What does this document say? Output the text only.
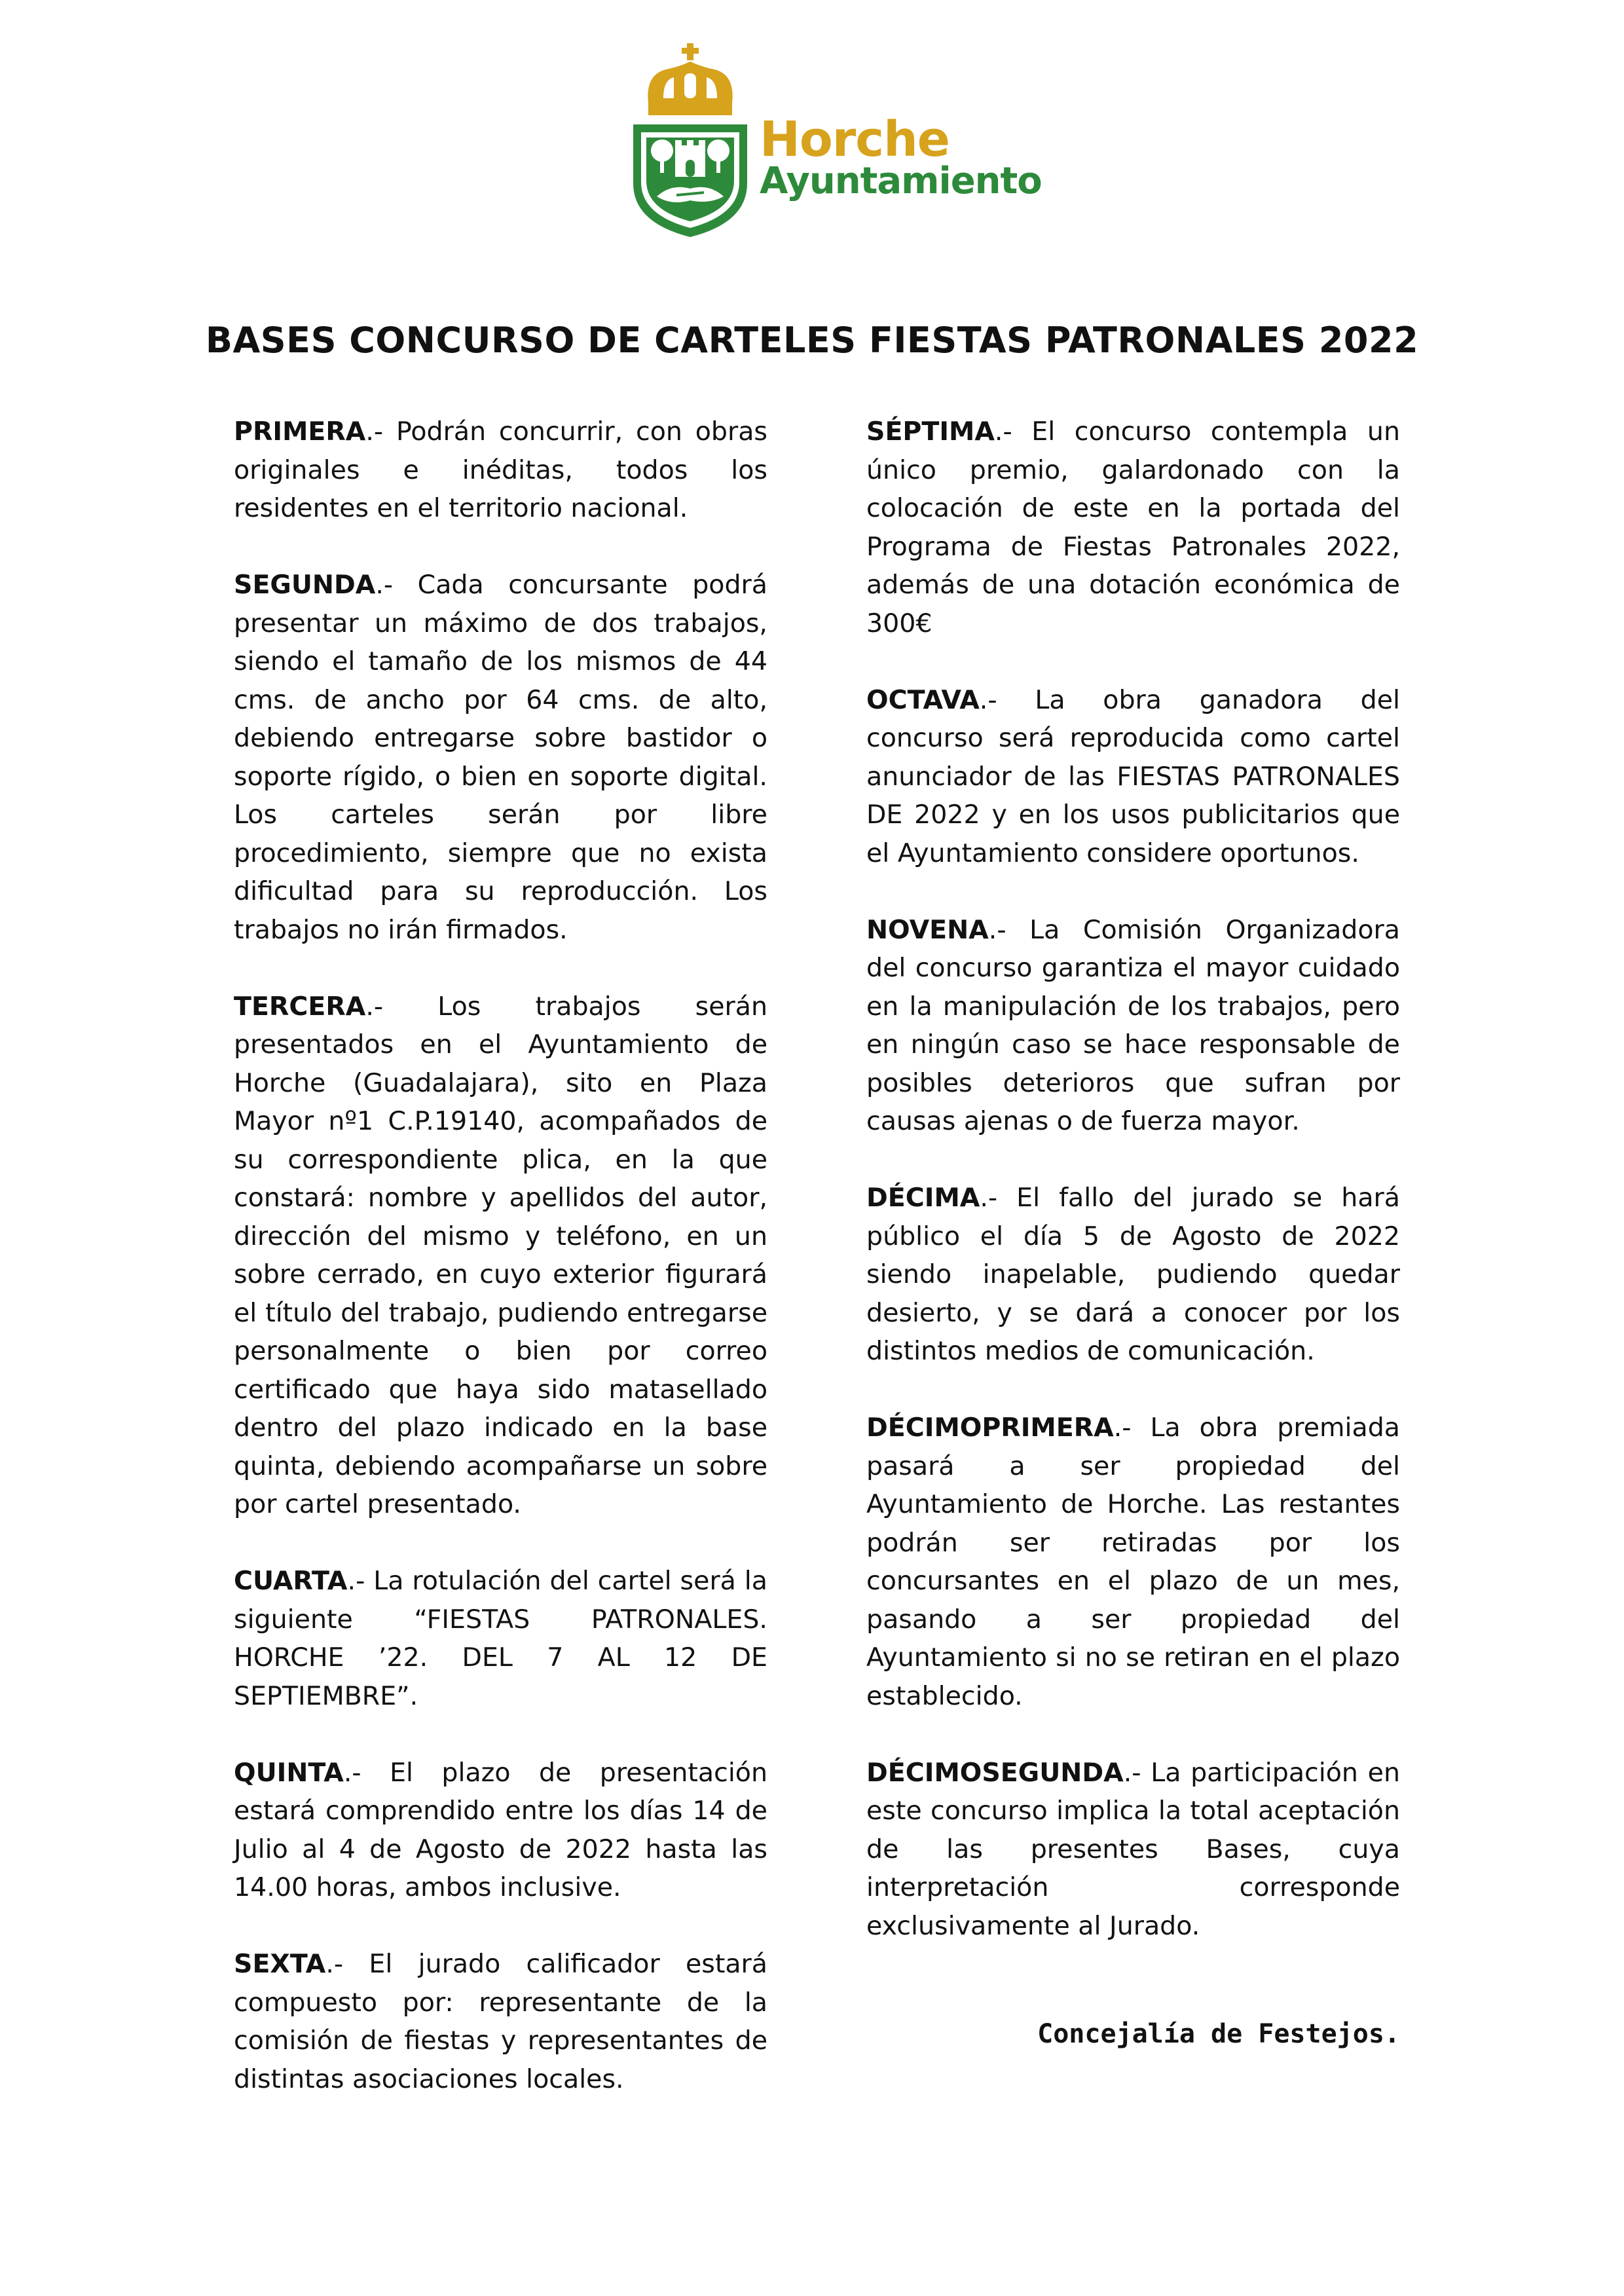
Horche
Ayuntamiento
BASES CONCURSO DE CARTELES FIESTAS PATRONALES 2022

PRIMERA.- Podrán concurrir, con obras originales e inéditas, todos los residentes en el territorio nacional.

SEGUNDA.- Cada concursante podrá presentar un máximo de dos trabajos, siendo el tamaño de los mismos de 44 cms. de ancho por 64 cms. de alto, debiendo entregarse sobre bastidor o soporte rígido, o bien en soporte digital. Los carteles serán por libre procedimiento, siempre que no exista dificultad para su reproducción. Los trabajos no irán firmados.

TERCERA.- Los trabajos serán presentados en el Ayuntamiento de Horche (Guadalajara), sito en Plaza Mayor nº1 C.P.19140, acompañados de su correspondiente plica, en la que constará: nombre y apellidos del autor, dirección del mismo y teléfono, en un sobre cerrado, en cuyo exterior figurará el título del trabajo, pudiendo entregarse personalmente o bien por correo certificado que haya sido matasellado dentro del plazo indicado en la base quinta, debiendo acompañarse un sobre por cartel presentado.

CUARTA.- La rotulación del cartel será la siguiente “FIESTAS PATRONALES. HORCHE ’22. DEL 7 AL 12 DE SEPTIEMBRE”.

QUINTA.- El plazo de presentación estará comprendido entre los días 14 de Julio al 4 de Agosto de 2022 hasta las 14.00 horas, ambos inclusive.

SEXTA.- El jurado calificador estará compuesto por: representante de la comisión de fiestas y representantes de distintas asociaciones locales.

SÉPTIMA.- El concurso contempla un único premio, galardonado con la colocación de este en la portada del Programa de Fiestas Patronales 2022, además de una dotación económica de 300€

OCTAVA.- La obra ganadora del concurso será reproducida como cartel anunciador de las FIESTAS PATRONALES DE 2022 y en los usos publicitarios que el Ayuntamiento considere oportunos.

NOVENA.- La Comisión Organizadora del concurso garantiza el mayor cuidado en la manipulación de los trabajos, pero en ningún caso se hace responsable de posibles deterioros que sufran por causas ajenas o de fuerza mayor.

DÉCIMA.- El fallo del jurado se hará público el día 5 de Agosto de 2022 siendo inapelable, pudiendo quedar desierto, y se dará a conocer por los distintos medios de comunicación.

DÉCIMOPRIMERA.- La obra premiada pasará a ser propiedad del Ayuntamiento de Horche. Las restantes podrán ser retiradas por los concursantes en el plazo de un mes, pasando a ser propiedad del Ayuntamiento si no se retiran en el plazo establecido.

DÉCIMOSEGUNDA.- La participación en este concurso implica la total aceptación de las presentes Bases, cuya interpretación corresponde exclusivamente al Jurado.

Concejalía de Festejos.
